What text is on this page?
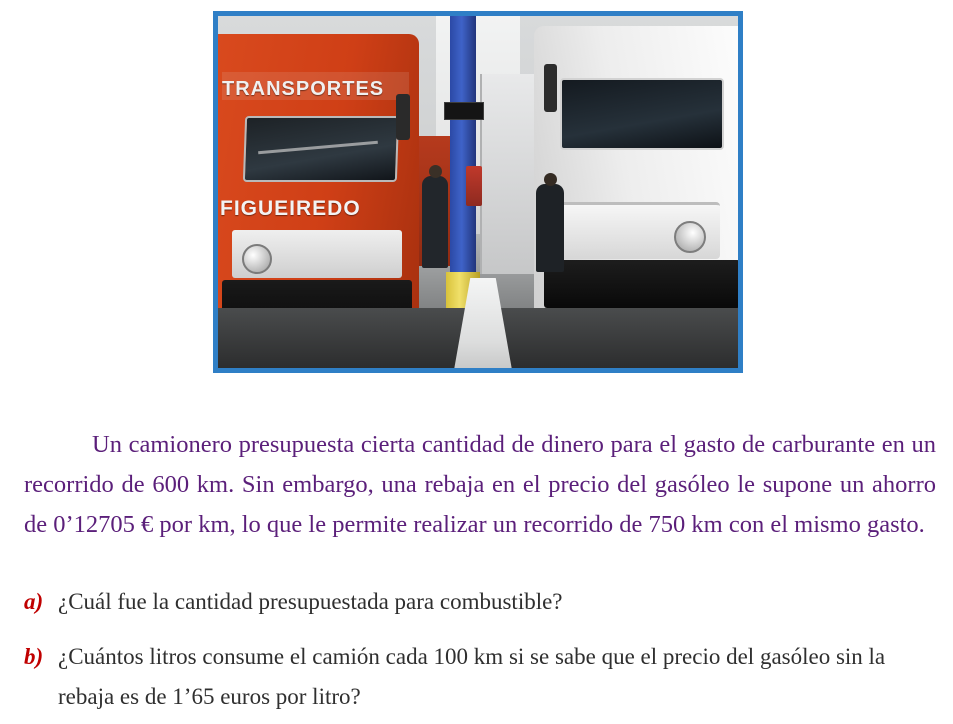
TRANSPORTES
FIGUEIREDO

Un camionero presupuesta cierta cantidad de dinero para el gasto de carburante en un recorrido de 600 km. Sin embargo, una rebaja en el precio del gasóleo le supone un ahorro de 0’12705 € por km, lo que le permite realizar un recorrido de 750 km con el mismo gasto.

a) ¿Cuál fue la cantidad presupuestada para combustible?
b) ¿Cuántos litros consume el camión cada 100 km si se sabe que el precio del gasóleo sin la rebaja es de 1’65 euros por litro?
